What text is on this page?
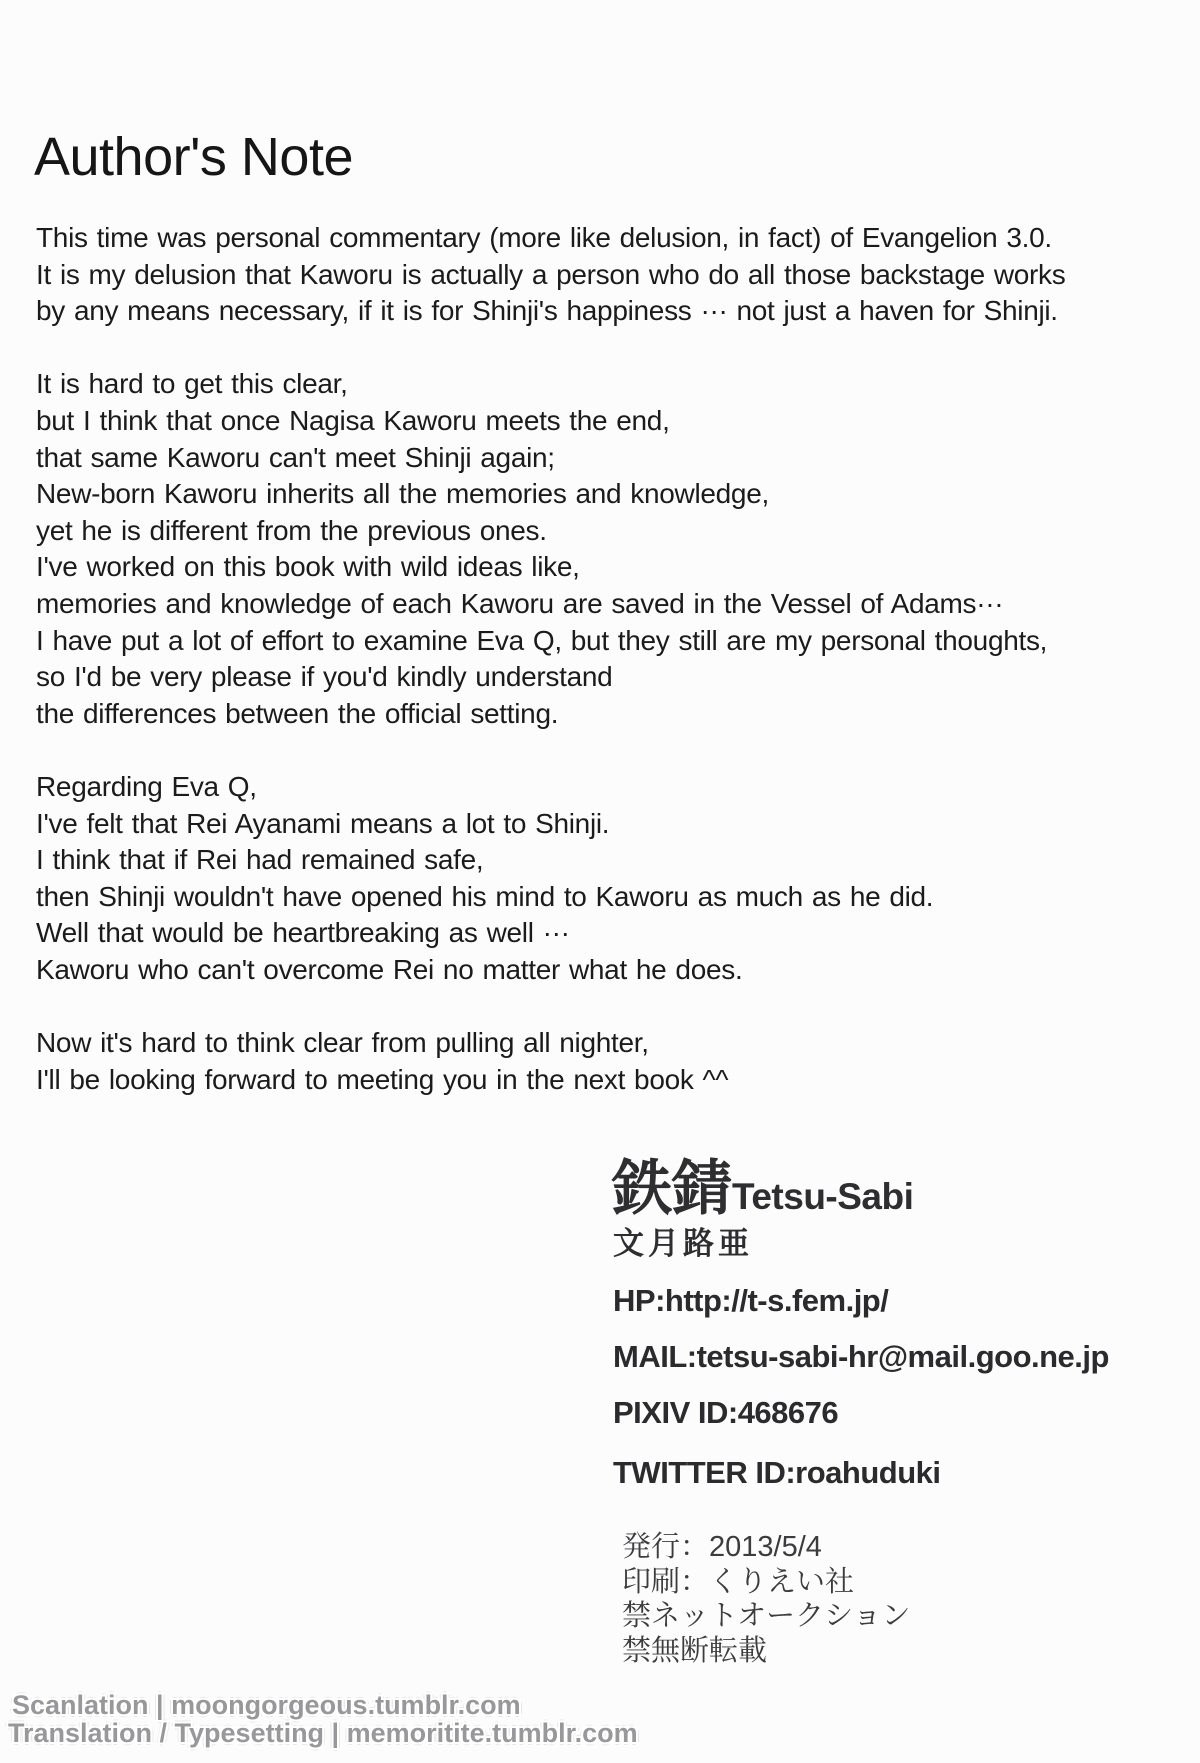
Author's Note

This time was personal commentary (more like delusion, in fact) of Evangelion 3.0.
It is my delusion that Kaworu is actually a person who do all those backstage works
by any means necessary, if it is for Shinji's happiness ··· not just a haven for Shinji.

It is hard to get this clear,
but I think that once Nagisa Kaworu meets the end,
that same Kaworu can't meet Shinji again;
New-born Kaworu inherits all the memories and knowledge,
yet he is different from the previous ones.
I've worked on this book with wild ideas like,
memories and knowledge of each Kaworu are saved in the Vessel of Adams···
I have put a lot of effort to examine Eva Q, but they still are my personal thoughts,
so I'd be very please if you'd kindly understand
the differences between the official setting.

Regarding Eva Q,
I've felt that Rei Ayanami means a lot to Shinji.
I think that if Rei had remained safe,
then Shinji wouldn't have opened his mind to Kaworu as much as he did.
Well that would be heartbreaking as well ···
Kaworu who can't overcome Rei no matter what he does.

Now it's hard to think clear from pulling all nighter,
I'll be looking forward to meeting you in the next book ^^

鉄錆Tetsu-Sabi
文月路亜
HP:http://t-s.fem.jp/
MAIL:tetsu-sabi-hr@mail.goo.ne.jp
PIXIV ID:468676
TWITTER ID:roahuduki
発行：2013/5/4
印刷：くりえい社
禁ネットオークション
禁無断転載
Scanlation | moongorgeous.tumblr.com
Translation / Typesetting | memoritite.tumblr.com
